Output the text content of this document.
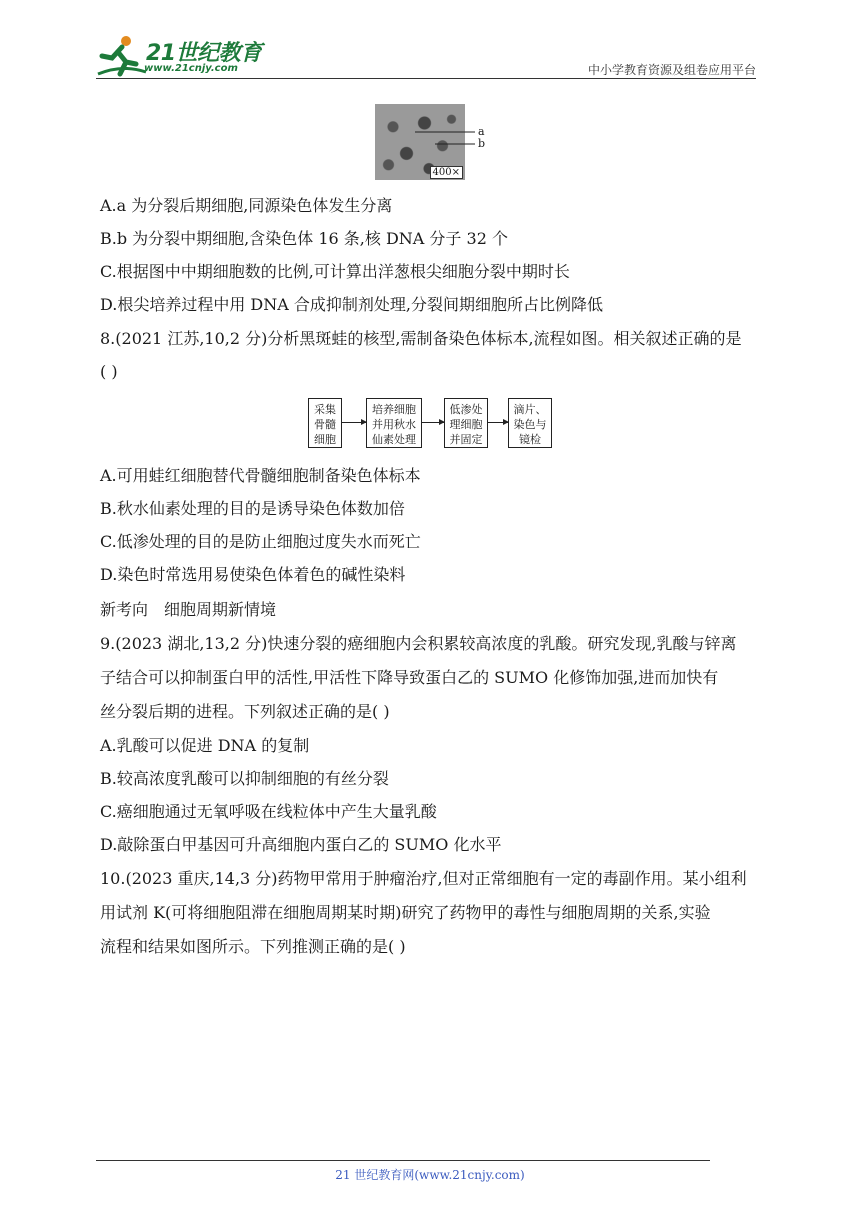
21世纪教育
www.21cnjy.com	中小学教育资源及组卷应用平台
400×
a
b
A.a 为分裂后期细胞,同源染色体发生分离
B.b 为分裂中期细胞,含染色体 16 条,核 DNA 分子 32 个
C.根据图中中期细胞数的比例,可计算出洋葱根尖细胞分裂中期时长
D.根尖培养过程中用 DNA 合成抑制剂处理,分裂间期细胞所占比例降低
8.(2021 江苏,10,2 分)分析黑斑蛙的核型,需制备染色体标本,流程如图。相关叙述正确的是
( )
采集
骨髓
细胞
培养细胞
并用秋水
仙素处理
低渗处
理细胞
并固定
滴片、
染色与
镜检
A.可用蛙红细胞替代骨髓细胞制备染色体标本
B.秋水仙素处理的目的是诱导染色体数加倍
C.低渗处理的目的是防止细胞过度失水而死亡
D.染色时常选用易使染色体着色的碱性染料
新考向　细胞周期新情境
9.(2023 湖北,13,2 分)快速分裂的癌细胞内会积累较高浓度的乳酸。研究发现,乳酸与锌离
子结合可以抑制蛋白甲的活性,甲活性下降导致蛋白乙的 SUMO 化修饰加强,进而加快有
丝分裂后期的进程。下列叙述正确的是( )
A.乳酸可以促进 DNA 的复制
B.较高浓度乳酸可以抑制细胞的有丝分裂
C.癌细胞通过无氧呼吸在线粒体中产生大量乳酸
D.敲除蛋白甲基因可升高细胞内蛋白乙的 SUMO 化水平
10.(2023 重庆,14,3 分)药物甲常用于肿瘤治疗,但对正常细胞有一定的毒副作用。某小组利
用试剂 K(可将细胞阻滞在细胞周期某时期)研究了药物甲的毒性与细胞周期的关系,实验
流程和结果如图所示。下列推测正确的是( )
21 世纪教育网(www.21cnjy.com)
